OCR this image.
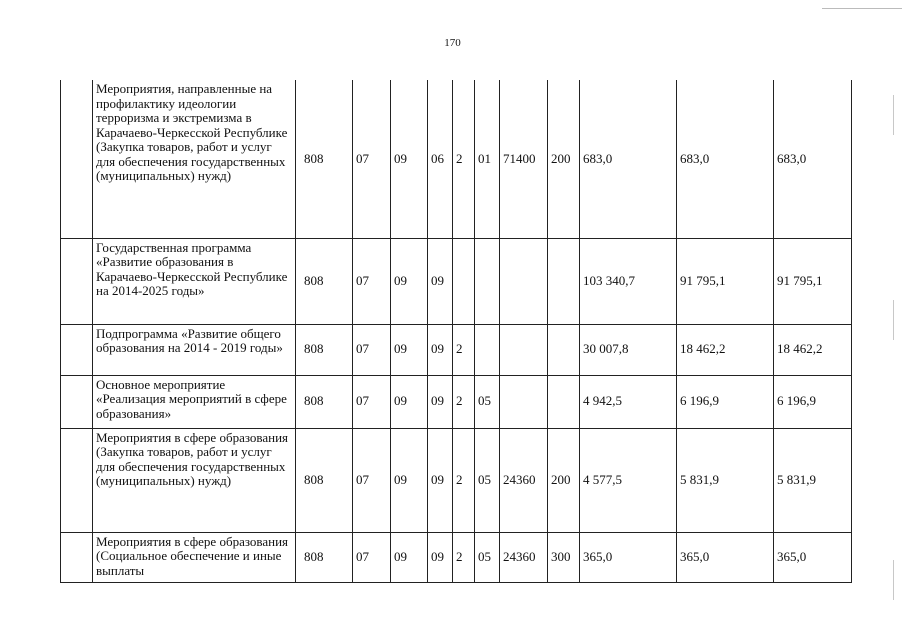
170
	Мероприятия, направленные на профилактику идеологии терроризма и экстремизма в Карачаево-Черкесской Республике (Закупка товаров, работ и услуг для обеспечения государственных (муниципальных) нужд)	808	07	09	06	2	01	71400	200	683,0	683,0	683,0
	Государственная программа «Развитие образования в Карачаево-Черкесской Республике на 2014-2025 годы»	808	07	09	09					103 340,7	91 795,1	91 795,1
	Подпрограмма «Развитие общего образования на 2014 - 2019 годы»	808	07	09	09	2				30 007,8	18 462,2	18 462,2
	Основное мероприятие «Реализация мероприятий в сфере образования»	808	07	09	09	2	05			4 942,5	6 196,9	6 196,9
	Мероприятия в сфере образования (Закупка товаров, работ и услуг для обеспечения государственных (муниципальных) нужд)	808	07	09	09	2	05	24360	200	4 577,5	5 831,9	5 831,9
	Мероприятия в сфере образования (Социальное обеспечение и иные выплаты	808	07	09	09	2	05	24360	300	365,0	365,0	365,0
